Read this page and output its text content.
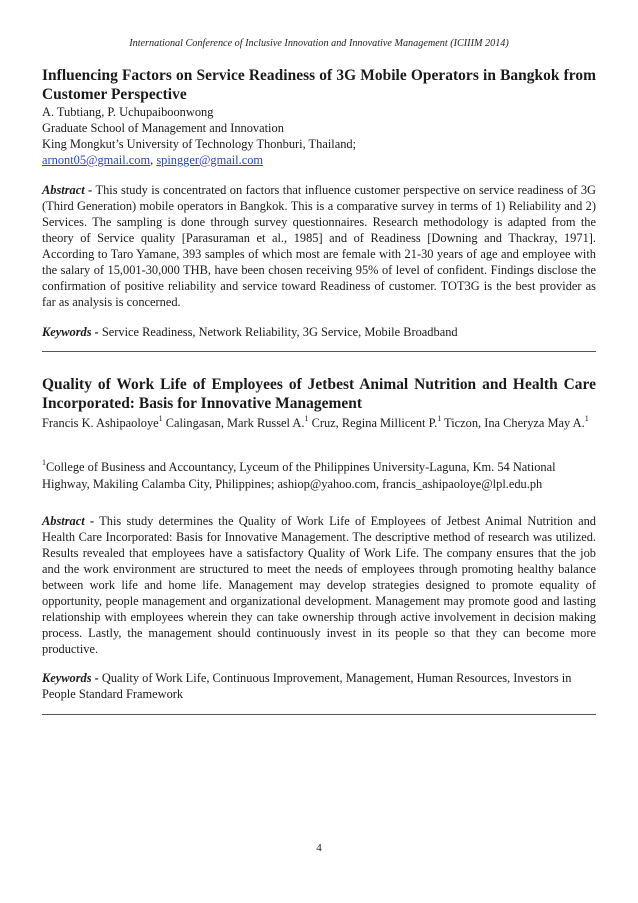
International Conference of Inclusive Innovation and Innovative Management (ICIIIM 2014)
Influencing Factors on Service Readiness of 3G Mobile Operators in Bangkok from Customer Perspective
A. Tubtiang, P. Uchupaiboonwong
Graduate School of Management and Innovation
King Mongkut’s University of Technology Thonburi, Thailand;
arnont05@gmail.com, spingger@gmail.com
Abstract - This study is concentrated on factors that influence customer perspective on service readiness of 3G (Third Generation) mobile operators in Bangkok. This is a comparative survey in terms of 1) Reliability and 2) Services. The sampling is done through survey questionnaires. Research methodology is adapted from the theory of Service quality [Parasuraman et al., 1985] and of Readiness [Downing and Thackray, 1971]. According to Taro Yamane, 393 samples of which most are female with 21-30 years of age and employee with the salary of 15,001-30,000 THB, have been chosen receiving 95% of level of confident. Findings disclose the confirmation of positive reliability and service toward Readiness of customer. TOT3G is the best provider as far as analysis is concerned.
Keywords - Service Readiness, Network Reliability, 3G Service, Mobile Broadband
Quality of Work Life of Employees of Jetbest Animal Nutrition and Health Care Incorporated: Basis for Innovative Management
Francis K. Ashipaoloye$^1$ Calingasan, Mark Russel A.$^1$ Cruz, Regina Millicent P.$^1$ Ticzon, Ina Cheryza May A.$^1$
$^1$College of Business and Accountancy, Lyceum of the Philippines University-Laguna, Km. 54 National Highway, Makiling Calamba City, Philippines; ashiop@yahoo.com, francis_ashipaoloye@lpl.edu.ph
Abstract - This study determines the Quality of Work Life of Employees of Jetbest Animal Nutrition and Health Care Incorporated: Basis for Innovative Management. The descriptive method of research was utilized. Results revealed that employees have a satisfactory Quality of Work Life. The company ensures that the job and the work environment are structured to meet the needs of employees through promoting healthy balance between work life and home life. Management may develop strategies designed to promote equality of opportunity, people management and organizational development. Management may promote good and lasting relationship with employees wherein they can take ownership through active involvement in decision making process. Lastly, the management should continuously invest in its people so that they can become more productive.
Keywords - Quality of Work Life, Continuous Improvement, Management, Human Resources, Investors in People Standard Framework
4
